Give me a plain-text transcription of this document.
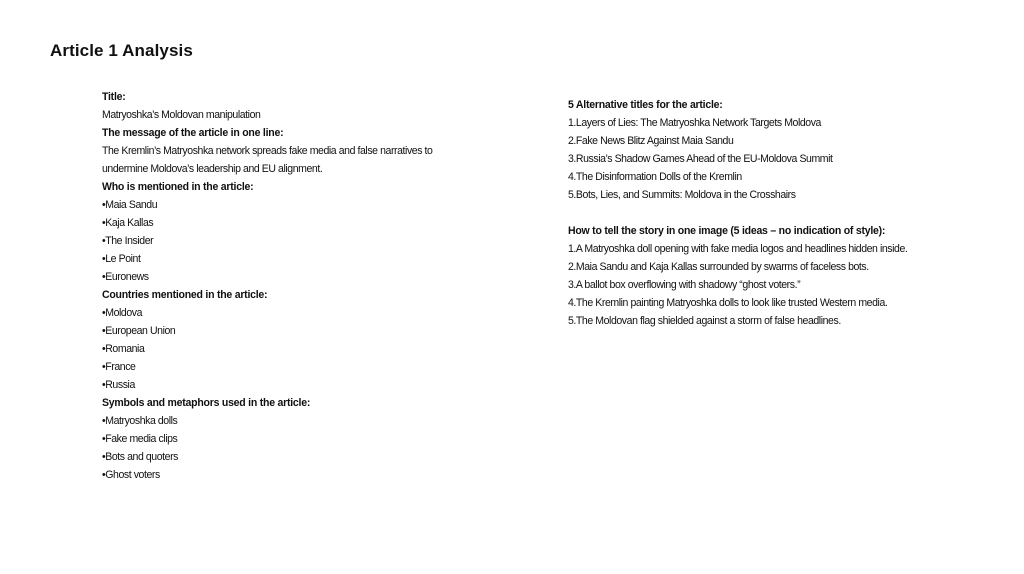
Article 1 Analysis
Title:
Matryoshka’s Moldovan manipulation
The message of the article in one line:
The Kremlin’s Matryoshka network spreads fake media and false narratives to
undermine Moldova’s leadership and EU alignment.
Who is mentioned in the article:
•Maia Sandu
•Kaja Kallas
•The Insider
•Le Point
•Euronews
Countries mentioned in the article:
•Moldova
•European Union
•Romania
•France
•Russia
Symbols and metaphors used in the article:
•Matryoshka dolls
•Fake media clips
•Bots and quoters
•Ghost voters
5 Alternative titles for the article:
1.Layers of Lies: The Matryoshka Network Targets Moldova
2.Fake News Blitz Against Maia Sandu
3.Russia’s Shadow Games Ahead of the EU-Moldova Summit
4.The Disinformation Dolls of the Kremlin
5.Bots, Lies, and Summits: Moldova in the Crosshairs
How to tell the story in one image (5 ideas – no indication of style):
1.A Matryoshka doll opening with fake media logos and headlines hidden inside.
2.Maia Sandu and Kaja Kallas surrounded by swarms of faceless bots.
3.A ballot box overflowing with shadowy “ghost voters.”
4.The Kremlin painting Matryoshka dolls to look like trusted Western media.
5.The Moldovan flag shielded against a storm of false headlines.
